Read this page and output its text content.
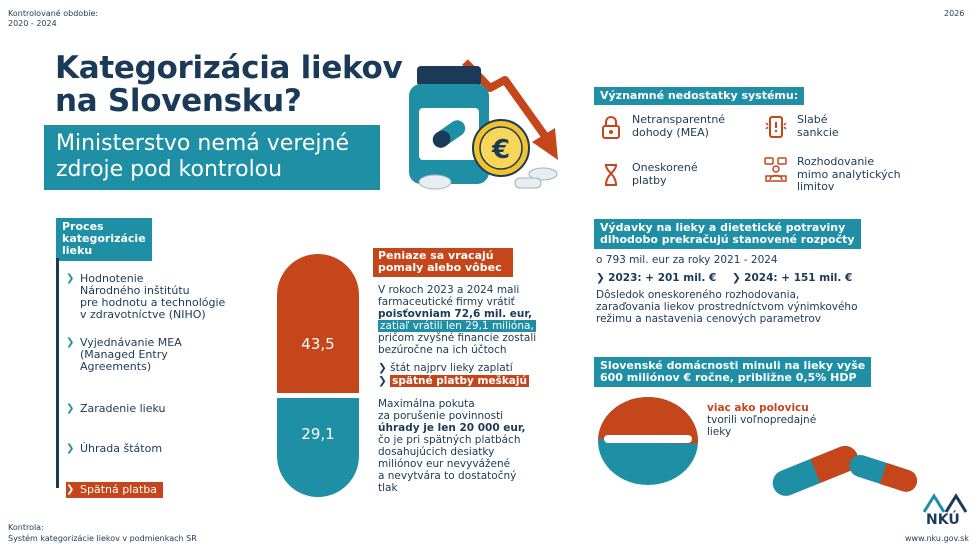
Kontrolované obdobie:
2020 - 2024
2026
Kategorizácia liekov
na Slovensku?
Ministerstvo nemá verejné
zdroje pod kontrolou
€
Proces
kategorizácie
lieku
❯ Hodnotenie
Národného inštitútu
pre hodnotu a technológie
v zdravotníctve (NIHO)
❯ Vyjednávanie MEA
(Managed Entry
Agreements)
❯ Zaradenie lieku
❯ Úhrada štátom
❯ Spätná platba
43,5
29,1
Peniaze sa vracajú
pomaly alebo vôbec
V rokoch 2023 a 2024 mali
farmaceutické firmy vrátiť
poisťovniam 72,6 mil. eur,
zatiaľ vrátili len 29,1 milióna,
pričom zvyšné financie zostali
bezúročne na ich účtoch
❯ štát najprv lieky zaplatí
❯ spätné platby meškajú
Maximálna pokuta
za porušenie povinnosti
úhrady je len 20 000 eur,
čo je pri spätných platbách
dosahujúcich desiatky
miliónov eur nevyvážené
a nevytvára to dostatočný
tlak
Významné nedostatky systému:
Netransparentné
dohody (MEA)
Oneskorené
platby
Slabé
sankcie
Rozhodovanie
mimo analytických
limitov
Výdavky na lieky a dietetické potraviny
dlhodobo prekračujú stanovené rozpočty
o 793 mil. eur za roky 2021 - 2024
❯ 2023: + 201 mil. € ❯ 2024: + 151 mil. €
Dôsledok oneskoreného rozhodovania,
zaraďovania liekov prostredníctvom výnimkového
režimu a nastavenia cenových parametrov
Slovenské domácnosti minuli na lieky vyše
600 miliónov € ročne, približne 0,5% HDP
viac ako polovicu
tvorili voľnopredajné
lieky
Kontrola:
Systém kategorizácie liekov v podmienkach SR
NKÚ
www.nku.gov.sk
